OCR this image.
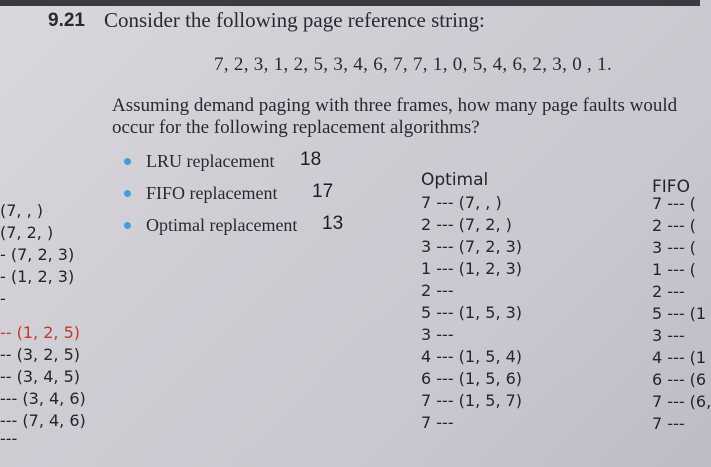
9.21 Consider the following page reference string:
7, 2, 3, 1, 2, 5, 3, 4, 6, 7, 7, 1, 0, 5, 4, 6, 2, 3, 0 , 1.
Assuming demand paging with three frames, how many page faults would occur for the following replacement algorithms?
LRU replacement 18
FIFO replacement 17
Optimal replacement 13
(7, , )
(7, 2, )
- (7, 2, 3)
- (1, 2, 3)
-
-- (1, 2, 5)
-- (3, 2, 5)
-- (3, 4, 5)
--- (3, 4, 6)
--- (7, 4, 6)
---
Optimal
7 --- (7, , )
2 --- (7, 2, )
3 --- (7, 2, 3)
1 --- (1, 2, 3)
2 ---
5 --- (1, 5, 3)
3 ---
4 --- (1, 5, 4)
6 --- (1, 5, 6)
7 --- (1, 5, 7)
7 ---
FIFO
7 --- (
2 --- (
3 --- (
1 --- (
2 ---
5 --- (1
3 ---
4 --- (1
6 --- (6
7 --- (6,
7 ---
